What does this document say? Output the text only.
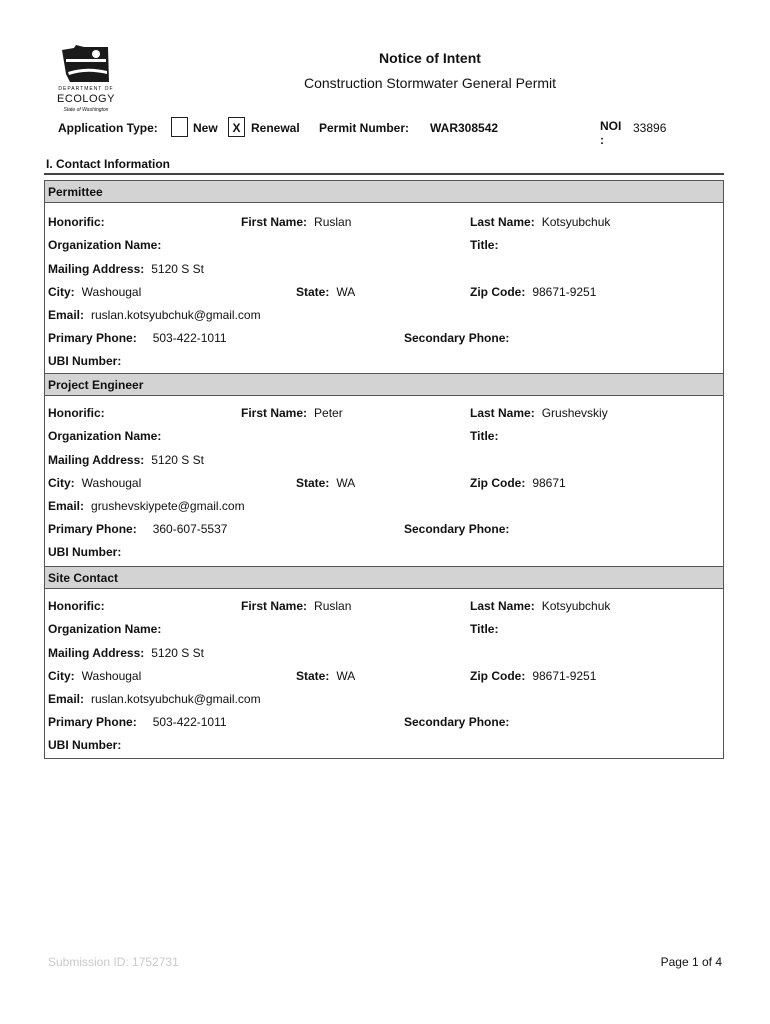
DEPARTMENT OF
ECOLOGY
State of Washington
Notice of Intent
Construction Stormwater General Permit
Application Type:	New	X Renewal Permit Number: WAR308542	NOI
:
33896
I. Contact Information
Permittee
Honorific:	First Name: Ruslan	Last Name: Kotsyubchuk
Organization Name:	Title:
Mailing Address: 5120 S St
City: Washougal	State: WA	Zip Code: 98671-9251
Email: ruslan.kotsyubchuk@gmail.com
Primary Phone: 503-422-1011	Secondary Phone:
UBI Number:
Project Engineer
Honorific:	First Name: Peter	Last Name: Grushevskiy
Organization Name:	Title:
Mailing Address: 5120 S St
City: Washougal	State: WA	Zip Code: 98671
Email: grushevskiypete@gmail.com
Primary Phone: 360-607-5537	Secondary Phone:
UBI Number:
Site Contact
Honorific:	First Name: Ruslan	Last Name: Kotsyubchuk
Organization Name:	Title:
Mailing Address: 5120 S St
City: Washougal	State: WA	Zip Code: 98671-9251
Email: ruslan.kotsyubchuk@gmail.com
Primary Phone: 503-422-1011	Secondary Phone:
UBI Number:
Submission ID: 1752731	Page 1 of 4
